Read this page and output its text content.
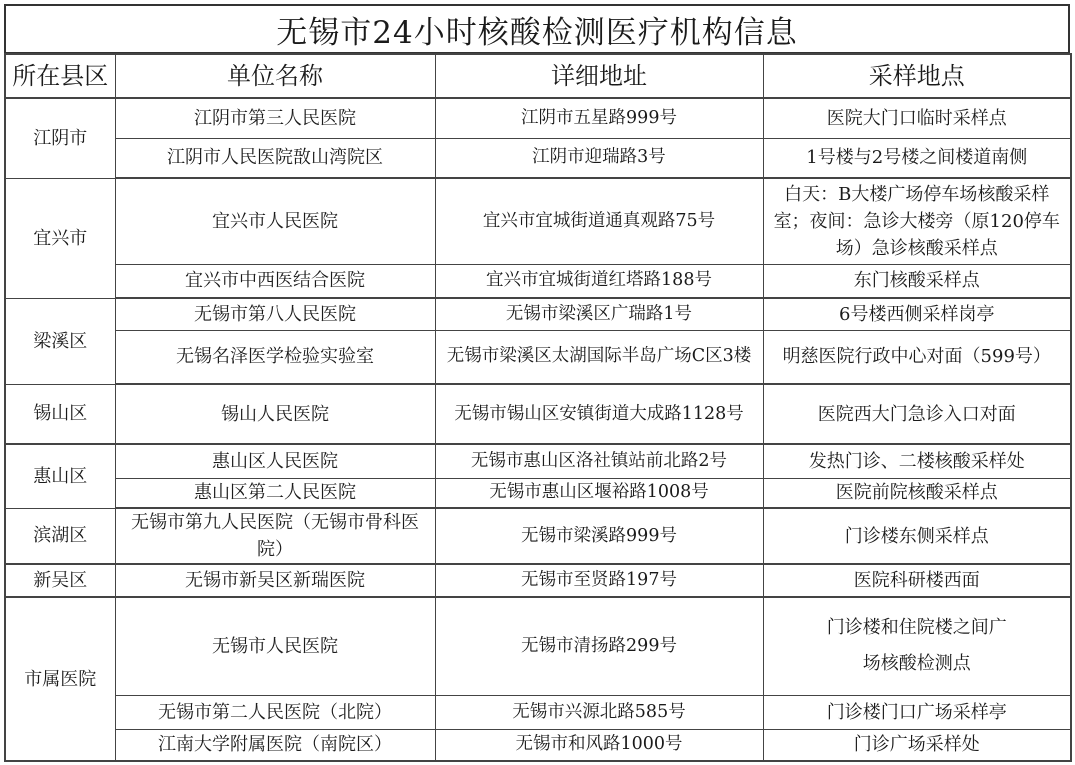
无锡市24小时核酸检测医疗机构信息
所在县区	单位名称	详细地址	采样地点
江阴市	江阴市第三人民医院	江阴市五星路999号	医院大门口临时采样点
	江阴市人民医院敔山湾院区	江阴市迎瑞路3号	1号楼与2号楼之间楼道南侧
宜兴市	宜兴市人民医院	宜兴市宜城街道通真观路75号	白天：B大楼广场停车场核酸采样室；夜间：急诊大楼旁（原120停车场）急诊核酸采样点
	宜兴市中西医结合医院	宜兴市宜城街道红塔路188号	东门核酸采样点
梁溪区	无锡市第八人民医院	无锡市梁溪区广瑞路1号	6号楼西侧采样岗亭
	无锡名泽医学检验实验室	无锡市梁溪区太湖国际半岛广场C区3楼	明慈医院行政中心对面（599号）
锡山区	锡山人民医院	无锡市锡山区安镇街道大成路1128号	医院西大门急诊入口对面
惠山区	惠山区人民医院	无锡市惠山区洛社镇站前北路2号	发热门诊、二楼核酸采样处
	惠山区第二人民医院	无锡市惠山区堰裕路1008号	医院前院核酸采样点
滨湖区	无锡市第九人民医院（无锡市骨科医院）	无锡市梁溪路999号	门诊楼东侧采样点
新吴区	无锡市新吴区新瑞医院	无锡市至贤路197号	医院科研楼西面
市属医院	无锡市人民医院	无锡市清扬路299号	门诊楼和住院楼之间广场核酸检测点
	无锡市第二人民医院（北院）	无锡市兴源北路585号	门诊楼门口广场采样亭
	江南大学附属医院（南院区）	无锡市和风路1000号	门诊广场采样处
